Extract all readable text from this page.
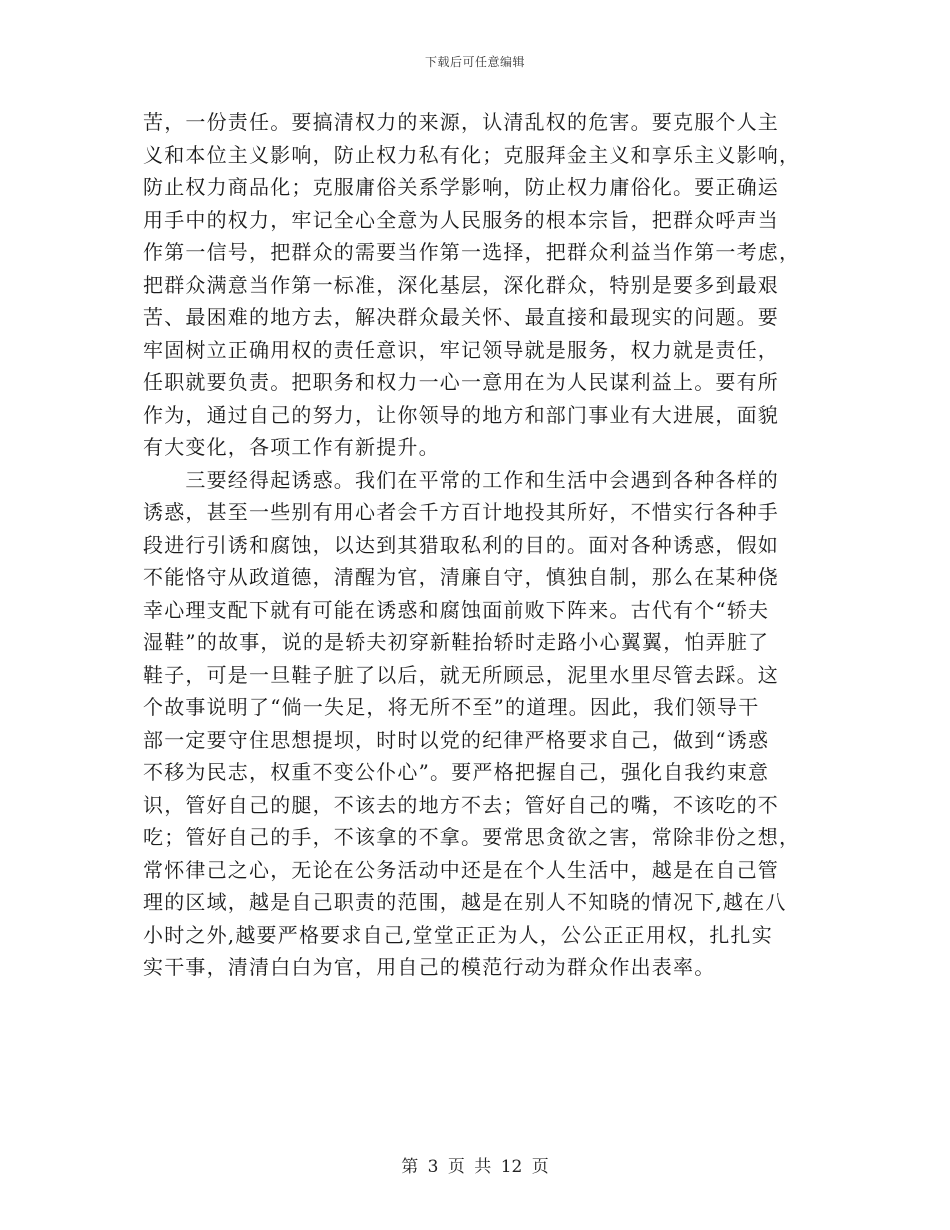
下载后可任意编辑
苦，一份责任。要搞清权力的来源，认清乱权的危害。要克服个人主
义和本位主义影响，防止权力私有化；克服拜金主义和享乐主义影响，
防止权力商品化；克服庸俗关系学影响，防止权力庸俗化。要正确运
用手中的权力，牢记全心全意为人民服务的根本宗旨，把群众呼声当
作第一信号，把群众的需要当作第一选择，把群众利益当作第一考虑，
把群众满意当作第一标准，深化基层，深化群众，特别是要多到最艰
苦、最困难的地方去，解决群众最关怀、最直接和最现实的问题。要
牢固树立正确用权的责任意识，牢记领导就是服务，权力就是责任，
任职就要负责。把职务和权力一心一意用在为人民谋利益上。要有所
作为，通过自己的努力，让你领导的地方和部门事业有大进展，面貌
有大变化，各项工作有新提升。
　　三要经得起诱惑。我们在平常的工作和生活中会遇到各种各样的
诱惑，甚至一些别有用心者会千方百计地投其所好，不惜实行各种手
段进行引诱和腐蚀，以达到其猎取私利的目的。面对各种诱惑，假如
不能恪守从政道德，清醒为官，清廉自守，慎独自制，那么在某种侥
幸心理支配下就有可能在诱惑和腐蚀面前败下阵来。古代有个“轿夫
湿鞋”的故事，说的是轿夫初穿新鞋抬轿时走路小心翼翼，怕弄脏了
鞋子，可是一旦鞋子脏了以后，就无所顾忌，泥里水里尽管去踩。这
个故事说明了“倘一失足，将无所不至”的道理。因此，我们领导干
部一定要守住思想提坝，时时以党的纪律严格要求自己，做到“诱惑
不移为民志，权重不变公仆心”。要严格把握自己，强化自我约束意
识，管好自己的腿，不该去的地方不去；管好自己的嘴，不该吃的不
吃；管好自己的手，不该拿的不拿。要常思贪欲之害，常除非份之想，
常怀律己之心，无论在公务活动中还是在个人生活中，越是在自己管
理的区域，越是自己职责的范围，越是在别人不知晓的情况下,越在八
小时之外,越要严格要求自己,堂堂正正为人，公公正正用权，扎扎实
实干事，清清白白为官，用自己的模范行动为群众作出表率。
第 3 页 共 12 页
